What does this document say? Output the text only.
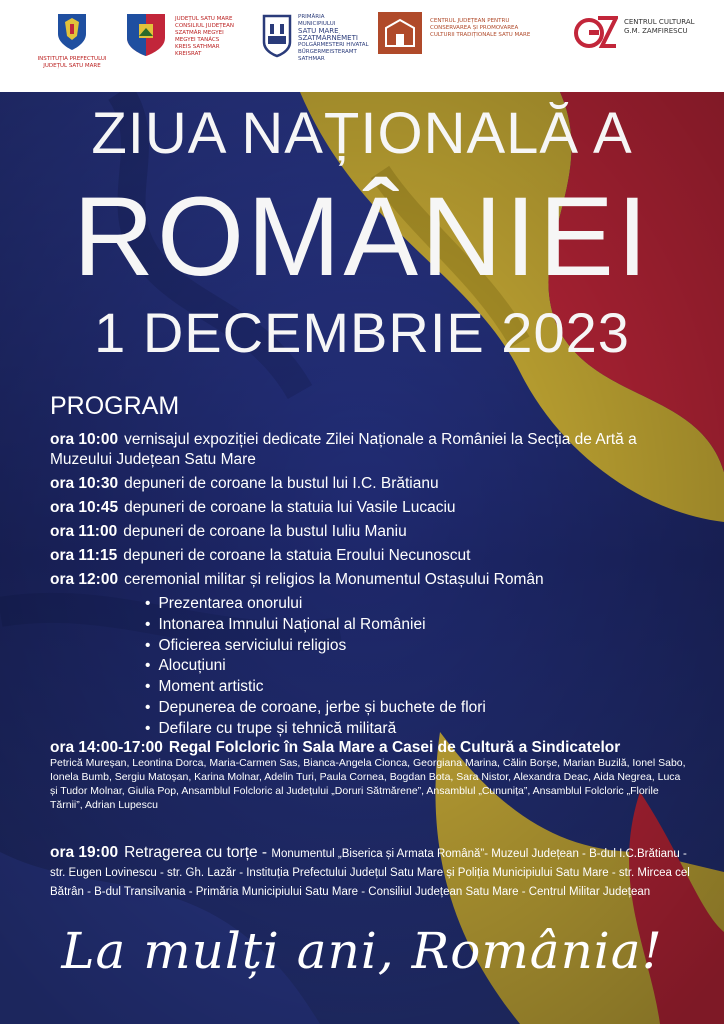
INSTITUȚIA PREFECTULUI
JUDEȚUL SATU MARE
JUDEȚUL SATU MARE
CONSILIUL JUDEȚEAN
SZATMÁR MEGYEI
MEGYEI TANÁCS
KREIS SATHMAR
KREISRAT
PRIMĂRIA
MUNICIPIULUI
SATU MARE
SZATMÁRNÉMETI
POLGÁRMESTERI HIVATAL
BÜRGERMEISTERAMT
SATHMAR
CENTRUL JUDEȚEAN PENTRU
CONSERVAREA ȘI PROMOVAREA
CULTURII TRADIȚIONALE SATU MARE
CENTRUL CULTURAL
G.M. ZAMFIRESCU
ZIUA NAȚIONALĂ A
ROMÂNIEI
1 DECEMBRIE 2023
PROGRAM
ora 10:00 vernisajul expoziției dedicate Zilei Naționale a României la Secția de Artă a Muzeului Județean Satu Mare
ora 10:30 depuneri de coroane la bustul lui I.C. Brătianu
ora 10:45 depuneri de coroane la statuia lui Vasile Lucaciu
ora 11:00 depuneri de coroane la bustul Iuliu Maniu
ora 11:15 depuneri de coroane la statuia Eroului Necunoscut
ora 12:00 ceremonial militar și religios la Monumentul Ostașului Român
• Prezentarea onorului
• Intonarea Imnului Național al României
• Oficierea serviciului religios
• Alocuțiuni
• Moment artistic
• Depunerea de coroane, jerbe și buchete de flori
• Defilare cu trupe și tehnică militară
ora 14:00-17:00 Regal Folcloric în Sala Mare a Casei de Cultură a Sindicatelor
Petrică Mureșan, Leontina Dorca, Maria-Carmen Sas, Bianca-Angela Cionca, Georgiana Marina, Călin Borșe, Marian Buzilă, Ionel Sabo, Ionela Bumb, Sergiu Matoșan, Karina Molnar, Adelin Turi, Paula Cornea, Bogdan Bota, Sara Nistor, Alexandra Deac, Aida Negrea, Luca și Tudor Molnar, Giulia Pop, Ansamblul Folcloric al Județului „Doruri Sătmărene”, Ansamblul „Cununița”, Ansamblul Folcloric „Florile Tărnii”, Adrian Lupescu
ora 19:00 Retragerea cu torțe - Monumentul „Biserica și Armata Română”- Muzeul Județean - B-dul I.C.Brătianu - str. Eugen Lovinescu - str. Gh. Lazăr - Instituția Prefectului Județul Satu Mare și Poliția Municipiului Satu Mare - str. Mircea cel Bătrân - B-dul Transilvania - Primăria Municipiului Satu Mare - Consiliul Județean Satu Mare - Centrul Militar Județean
La mulți ani, România!
